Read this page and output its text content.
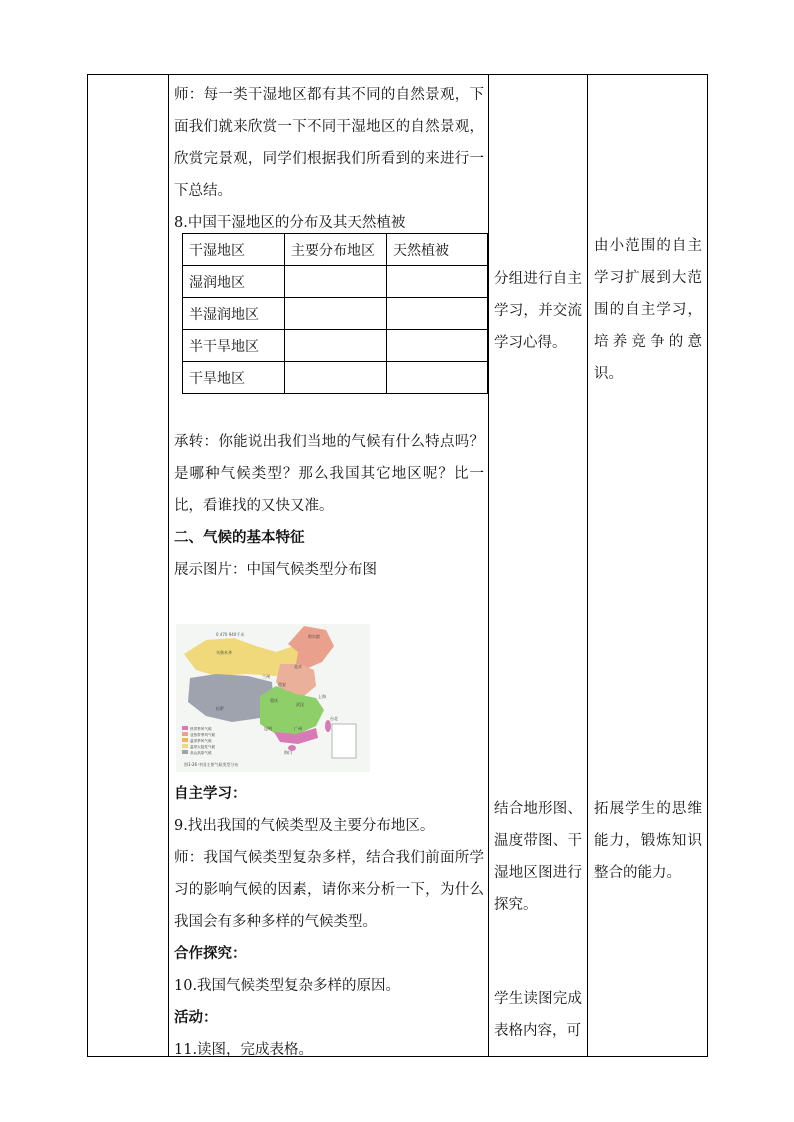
师：每一类干湿地区都有其不同的自然景观，下面我们就来欣赏一下不同干湿地区的自然景观，欣赏完景观，同学们根据我们所看到的来进行一下总结。

8.中国干湿地区的分布及其天然植被

干湿地区	主要分布地区	天然植被
湿润地区		
半湿润地区		
半干旱地区		
干旱地区		

承转：你能说出我们当地的气候有什么特点吗？是哪种气候类型？那么我国其它地区呢？比一比，看谁找的又快又准。

二、气候的基本特征

展示图片：中国气候类型分布图

0 470 940千米
乌鲁木齐
哈尔滨
北京
拉萨
兰州
西安
重庆
武汉
上海
广州
台北
海口
昆明
热带季风气候
亚热带季风气候
温带季风气候
温带大陆性气候
高山高原气候
图1-26 中国主要气候类型分布

自主学习：

9.找出我国的气候类型及主要分布地区。

师：我国气候类型复杂多样，结合我们前面所学习的影响气候的因素，请你来分析一下，为什么我国会有多种多样的气候类型。

合作探究：

10.我国气候类型复杂多样的原因。

活动：

11.读图，完成表格。

分组进行自主学习，并交流学习心得。
结合地形图、温度带图、干湿地区图进行探究。
学生读图完成表格内容，可
由小范围的自主学习扩展到大范围的自主学习，培养竞争的意识。
拓展学生的思维能力，锻炼知识整合的能力。
